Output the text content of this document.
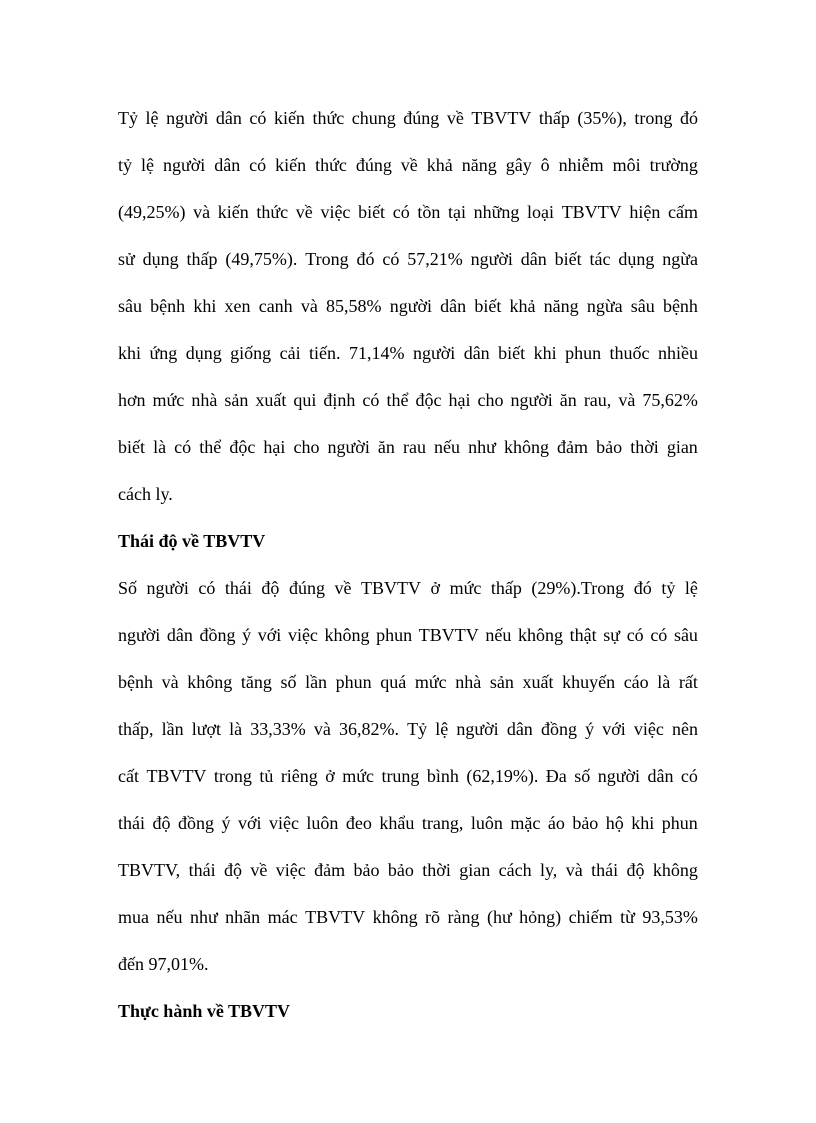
Tỷ lệ người dân có kiến thức chung đúng về TBVTV thấp (35%), trong đó
tỷ lệ người dân có kiến thức đúng về khả năng gây ô nhiễm môi trường
(49,25%) và kiến thức về việc biết có tồn tại những loại TBVTV hiện cấm
sử dụng thấp (49,75%). Trong đó có 57,21% người dân biết tác dụng ngừa
sâu bệnh khi xen canh và 85,58% người dân biết khả năng ngừa sâu bệnh
khi ứng dụng giống cải tiến. 71,14% người dân biết khi phun thuốc nhiều
hơn mức nhà sản xuất qui định có thể độc hại cho người ăn rau, và 75,62%
biết là có thể độc hại cho người ăn rau nếu như không đảm bảo thời gian
cách ly.
Thái độ về TBVTV
Số người có thái độ đúng về TBVTV ở mức thấp (29%).Trong đó tỷ lệ
người dân đồng ý với việc không phun TBVTV nếu không thật sự có có sâu
bệnh và không tăng số lần phun quá mức nhà sản xuất khuyến cáo là rất
thấp, lần lượt là 33,33% và 36,82%. Tỷ lệ người dân đồng ý với việc nên
cất TBVTV trong tủ riêng ở mức trung bình (62,19%). Đa số người dân có
thái độ đồng ý với việc luôn đeo khẩu trang, luôn mặc áo bảo hộ khi phun
TBVTV, thái độ về việc đảm bảo bảo thời gian cách ly, và thái độ không
mua nếu như nhãn mác TBVTV không rõ ràng (hư hỏng) chiếm từ 93,53%
đến 97,01%.
Thực hành về TBVTV
